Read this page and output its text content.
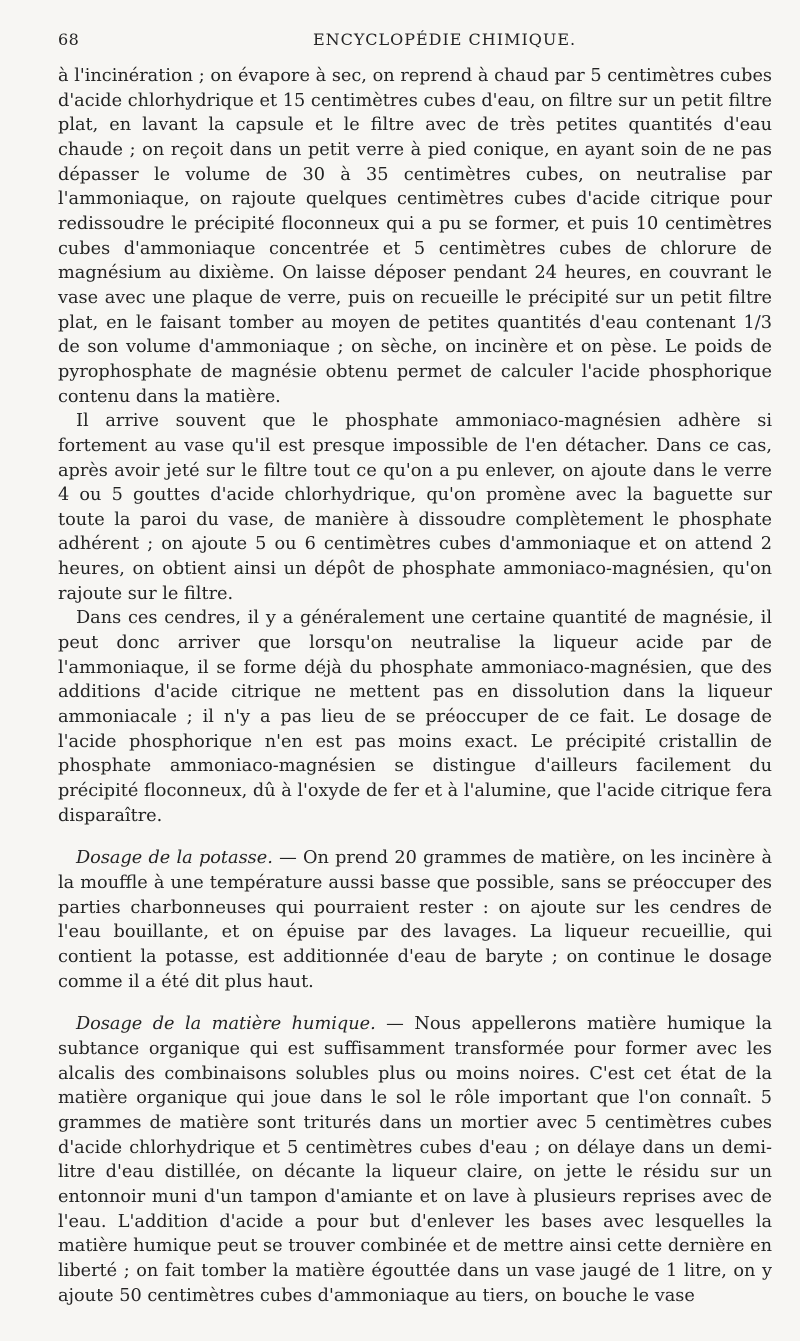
68	ENCYCLOPÉDIE CHIMIQUE.

à l'incinération ; on évapore à sec, on reprend à chaud par 5 centimètres cubes d'acide chlorhydrique et 15 centimètres cubes d'eau, on filtre sur un petit filtre plat, en lavant la capsule et le filtre avec de très petites quantités d'eau chaude ; on reçoit dans un petit verre à pied conique, en ayant soin de ne pas dépasser le volume de 30 à 35 centimètres cubes, on neutralise par l'ammoniaque, on rajoute quelques centimètres cubes d'acide citrique pour redissoudre le précipité floconneux qui a pu se former, et puis 10 centimètres cubes d'ammoniaque concentrée et 5 centimètres cubes de chlorure de magnésium au dixième. On laisse déposer pendant 24 heures, en couvrant le vase avec une plaque de verre, puis on recueille le précipité sur un petit filtre plat, en le faisant tomber au moyen de petites quantités d'eau contenant 1/3 de son volume d'ammoniaque ; on sèche, on incinère et on pèse. Le poids de pyrophosphate de magnésie obtenu permet de calculer l'acide phosphorique contenu dans la matière.

Il arrive souvent que le phosphate ammoniaco-magnésien adhère si fortement au vase qu'il est presque impossible de l'en détacher. Dans ce cas, après avoir jeté sur le filtre tout ce qu'on a pu enlever, on ajoute dans le verre 4 ou 5 gouttes d'acide chlorhydrique, qu'on promène avec la baguette sur toute la paroi du vase, de manière à dissoudre complètement le phosphate adhérent ; on ajoute 5 ou 6 centimètres cubes d'ammoniaque et on attend 2 heures, on obtient ainsi un dépôt de phosphate ammoniaco-magnésien, qu'on rajoute sur le filtre.

Dans ces cendres, il y a généralement une certaine quantité de magnésie, il peut donc arriver que lorsqu'on neutralise la liqueur acide par de l'ammoniaque, il se forme déjà du phosphate ammoniaco-magnésien, que des additions d'acide citrique ne mettent pas en dissolution dans la liqueur ammoniacale ; il n'y a pas lieu de se préoccuper de ce fait. Le dosage de l'acide phosphorique n'en est pas moins exact. Le précipité cristallin de phosphate ammoniaco-magnésien se distingue d'ailleurs facilement du précipité floconneux, dû à l'oxyde de fer et à l'alumine, que l'acide citrique fera disparaître.

Dosage de la potasse. — On prend 20 grammes de matière, on les incinère à la mouffle à une température aussi basse que possible, sans se préoccuper des parties charbonneuses qui pourraient rester : on ajoute sur les cendres de l'eau bouillante, et on épuise par des lavages. La liqueur recueillie, qui contient la potasse, est additionnée d'eau de baryte ; on continue le dosage comme il a été dit plus haut.

Dosage de la matière humique. — Nous appellerons matière humique la subtance organique qui est suffisamment transformée pour former avec les alcalis des combinaisons solubles plus ou moins noires. C'est cet état de la matière organique qui joue dans le sol le rôle important que l'on connaît. 5 grammes de matière sont triturés dans un mortier avec 5 centimètres cubes d'acide chlorhydrique et 5 centimètres cubes d'eau ; on délaye dans un demi-litre d'eau distillée, on décante la liqueur claire, on jette le résidu sur un entonnoir muni d'un tampon d'amiante et on lave à plusieurs reprises avec de l'eau. L'addition d'acide a pour but d'enlever les bases avec lesquelles la matière humique peut se trouver combinée et de mettre ainsi cette dernière en liberté ; on fait tomber la matière égouttée dans un vase jaugé de 1 litre, on y ajoute 50 centimètres cubes d'ammoniaque au tiers, on bouche le vase
